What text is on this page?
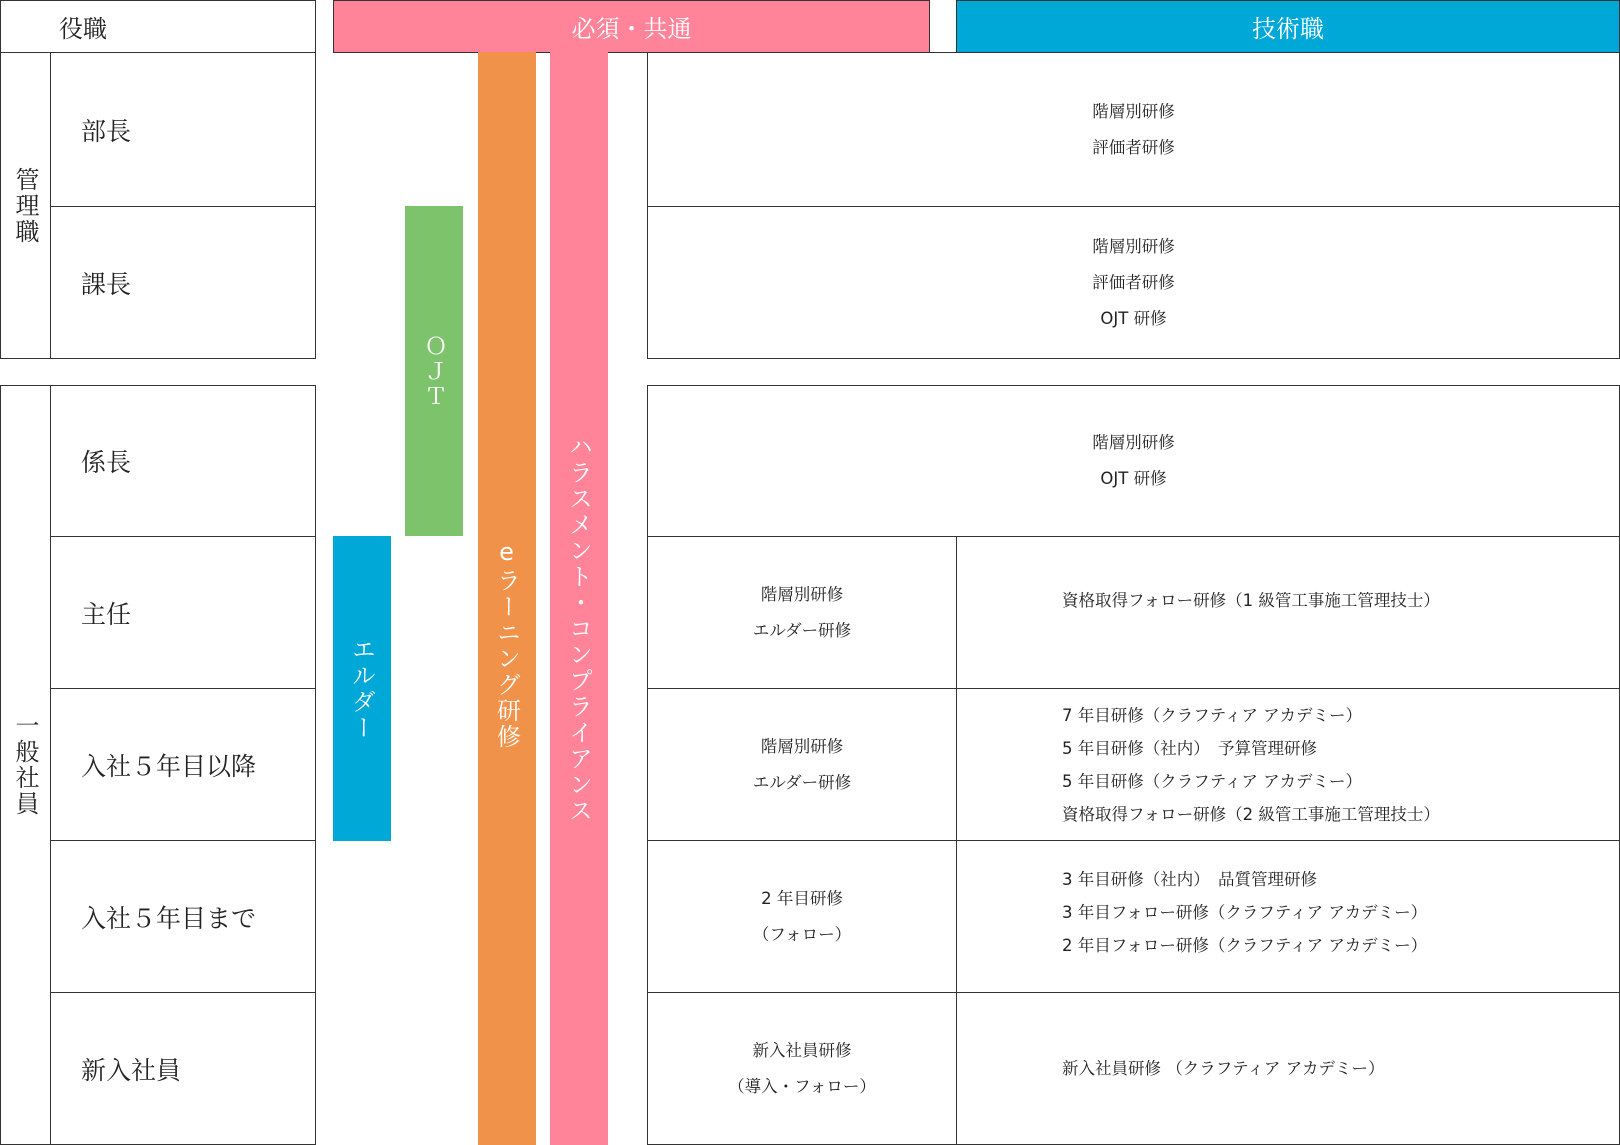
役職	必須・共通	技術職
管理職
部長
課長
一般社員
係長
主任
入社５年目以降
入社５年目まで
新入社員
エルダー
ＯＪＴ
eラーニング研修 ハラスメント・コンプライアンス
階層別研修
評価者研修
階層別研修
評価者研修
OJT 研修
階層別研修
OJT 研修
階層別研修
エルダー研修
資格取得フォロー研修（1 級管工事施工管理技士）
階層別研修
エルダー研修
7 年目研修（クラフティア アカデミー）
5 年目研修（社内）　予算管理研修
5 年目研修（クラフティア アカデミー）
資格取得フォロー研修（2 級管工事施工管理技士）
2 年目研修
（フォロー）
3 年目研修（社内）　品質管理研修
3 年目フォロー研修（クラフティア アカデミー）
2 年目フォロー研修（クラフティア アカデミー）
新入社員研修
（導入・フォロー）
新入社員研修 （クラフティア アカデミー）
